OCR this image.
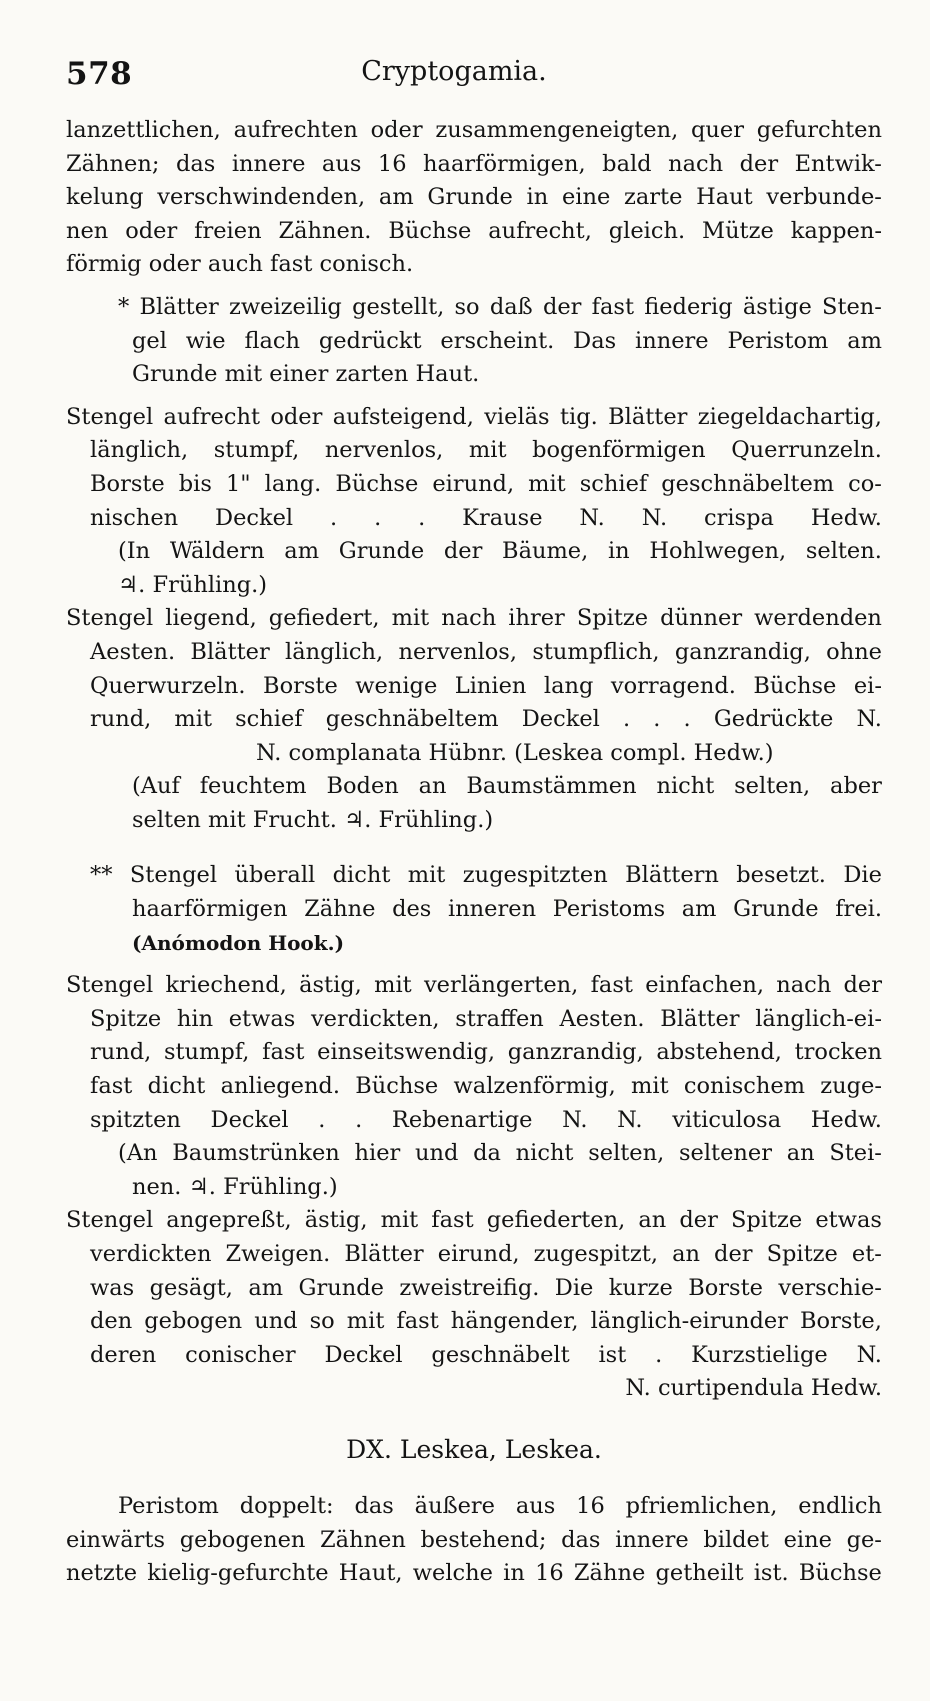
578	Cryptogamia.
lanzettlichen, aufrechten oder zusammengeneigten, quer gefurchten
Zähnen; das innere aus 16 haarförmigen, bald nach der Entwik-
kelung verschwindenden, am Grunde in eine zarte Haut verbunde-
nen oder freien Zähnen. Büchse aufrecht, gleich. Mütze kappen-
förmig oder auch fast conisch.
* Blätter zweizeilig gestellt, so daß der fast fiederig ästige Sten-
gel wie flach gedrückt erscheint. Das innere Peristom am
Grunde mit einer zarten Haut.
Stengel aufrecht oder aufsteigend, vieläs tig. Blätter ziegeldachartig,
länglich, stumpf, nervenlos, mit bogenförmigen Querrunzeln.
Borste bis 1" lang. Büchse eirund, mit schief geschnäbeltem co-
nischen Deckel . . . Krause N. N. crispa Hedw.
(In Wäldern am Grunde der Bäume, in Hohlwegen, selten.
♃. Frühling.)
Stengel liegend, gefiedert, mit nach ihrer Spitze dünner werdenden
Aesten. Blätter länglich, nervenlos, stumpflich, ganzrandig, ohne
Querwurzeln. Borste wenige Linien lang vorragend. Büchse ei-
rund, mit schief geschnäbeltem Deckel . . . Gedrückte N.
N. complanata Hübnr. (Leskea compl. Hedw.)
(Auf feuchtem Boden an Baumstämmen nicht selten, aber
selten mit Frucht. ♃. Frühling.)
** Stengel überall dicht mit zugespitzten Blättern besetzt. Die
haarförmigen Zähne des inneren Peristoms am Grunde frei.
(Anómodon Hook.)
Stengel kriechend, ästig, mit verlängerten, fast einfachen, nach der
Spitze hin etwas verdickten, straffen Aesten. Blätter länglich-ei-
rund, stumpf, fast einseitswendig, ganzrandig, abstehend, trocken
fast dicht anliegend. Büchse walzenförmig, mit conischem zuge-
spitzten Deckel . . Rebenartige N. N. viticulosa Hedw.
(An Baumstrünken hier und da nicht selten, seltener an Stei-
nen. ♃. Frühling.)
Stengel angepreßt, ästig, mit fast gefiederten, an der Spitze etwas
verdickten Zweigen. Blätter eirund, zugespitzt, an der Spitze et-
was gesägt, am Grunde zweistreifig. Die kurze Borste verschie-
den gebogen und so mit fast hängender, länglich-eirunder Borste,
deren conischer Deckel geschnäbelt ist . Kurzstielige N.
N. curtipendula Hedw.
DX. Leskea, Leskea.
Peristom doppelt: das äußere aus 16 pfriemlichen, endlich
einwärts gebogenen Zähnen bestehend; das innere bildet eine ge-
netzte kielig-gefurchte Haut, welche in 16 Zähne getheilt ist. Büchse
